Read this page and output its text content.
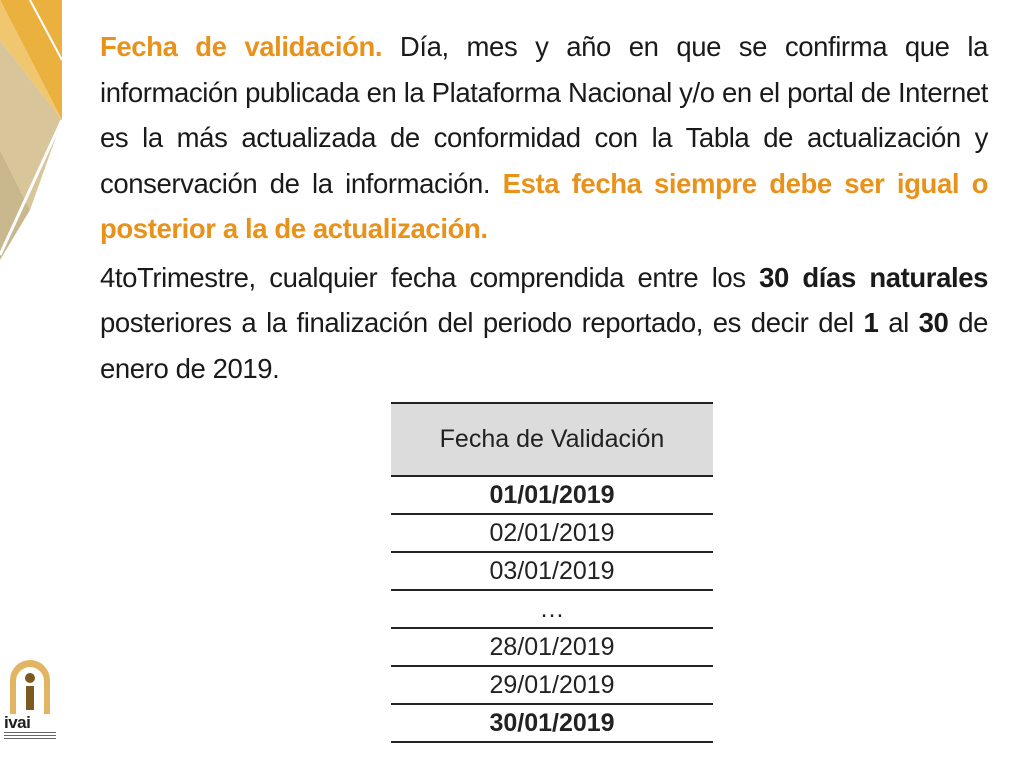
Fecha de validación. Día, mes y año en que se confirma que la información publicada en la Plataforma Nacional y/o en el portal de Internet es la más actualizada de conformidad con la Tabla de actualización y conservación de la información. Esta fecha siempre debe ser igual o posterior a la de actualización.

4toTrimestre, cualquier fecha comprendida entre los 30 días naturales posteriores a la finalización del periodo reportado, es decir del 1 al 30 de enero de 2019.

Fecha de Validación
01/01/2019
02/01/2019
03/01/2019
…
28/01/2019
29/01/2019
30/01/2019
ivai
